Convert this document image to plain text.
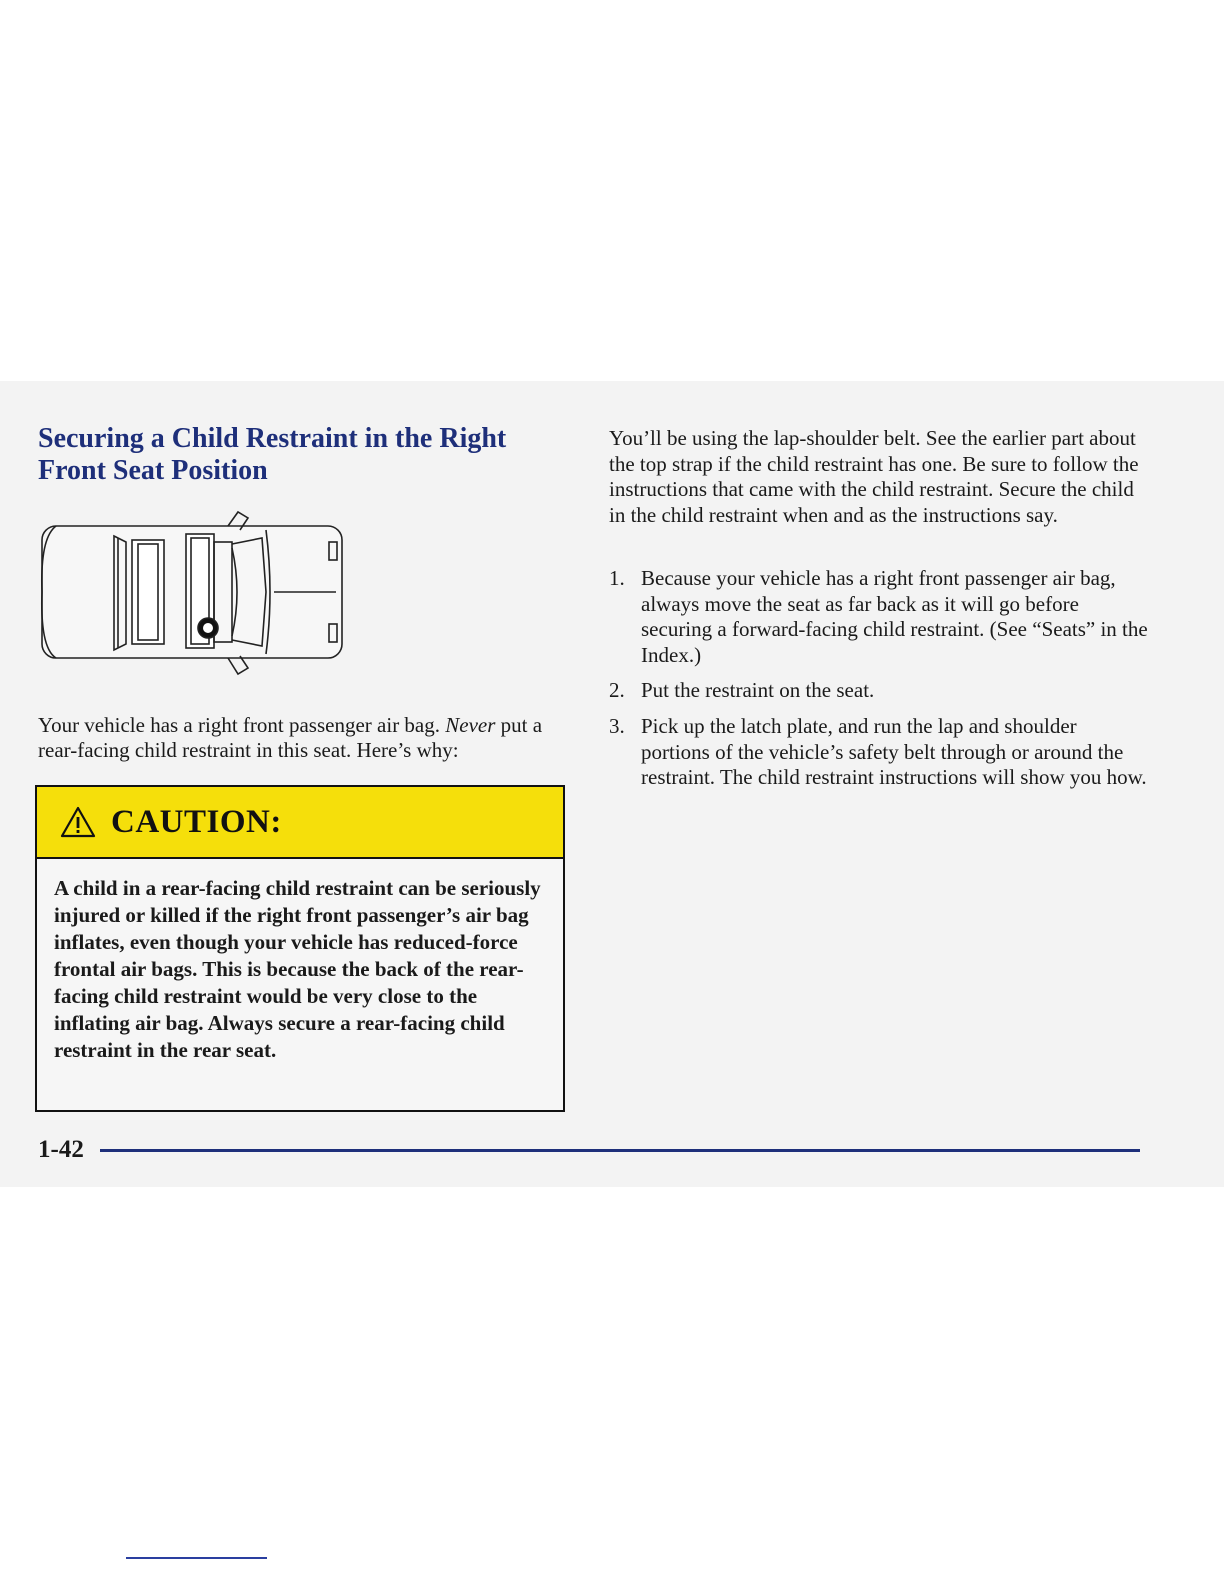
Securing a Child Restraint in the Right Front Seat Position

Your vehicle has a right front passenger air bag. Never put a rear-facing child restraint in this seat. Here’s why:

CAUTION:

A child in a rear-facing child restraint can be seriously injured or killed if the right front passenger’s air bag inflates, even though your vehicle has reduced-force frontal air bags. This is because the back of the rear-facing child restraint would be very close to the inflating air bag. Always secure a rear-facing child restraint in the rear seat.

You’ll be using the lap-shoulder belt. See the earlier part about the top strap if the child restraint has one. Be sure to follow the instructions that came with the child restraint. Secure the child in the child restraint when and as the instructions say.

1. Because your vehicle has a right front passenger air bag, always move the seat as far back as it will go before securing a forward-facing child restraint. (See “Seats” in the Index.)
2. Put the restraint on the seat.
3. Pick up the latch plate, and run the lap and shoulder portions of the vehicle’s safety belt through or around the restraint. The child restraint instructions will show you how.

1-42
